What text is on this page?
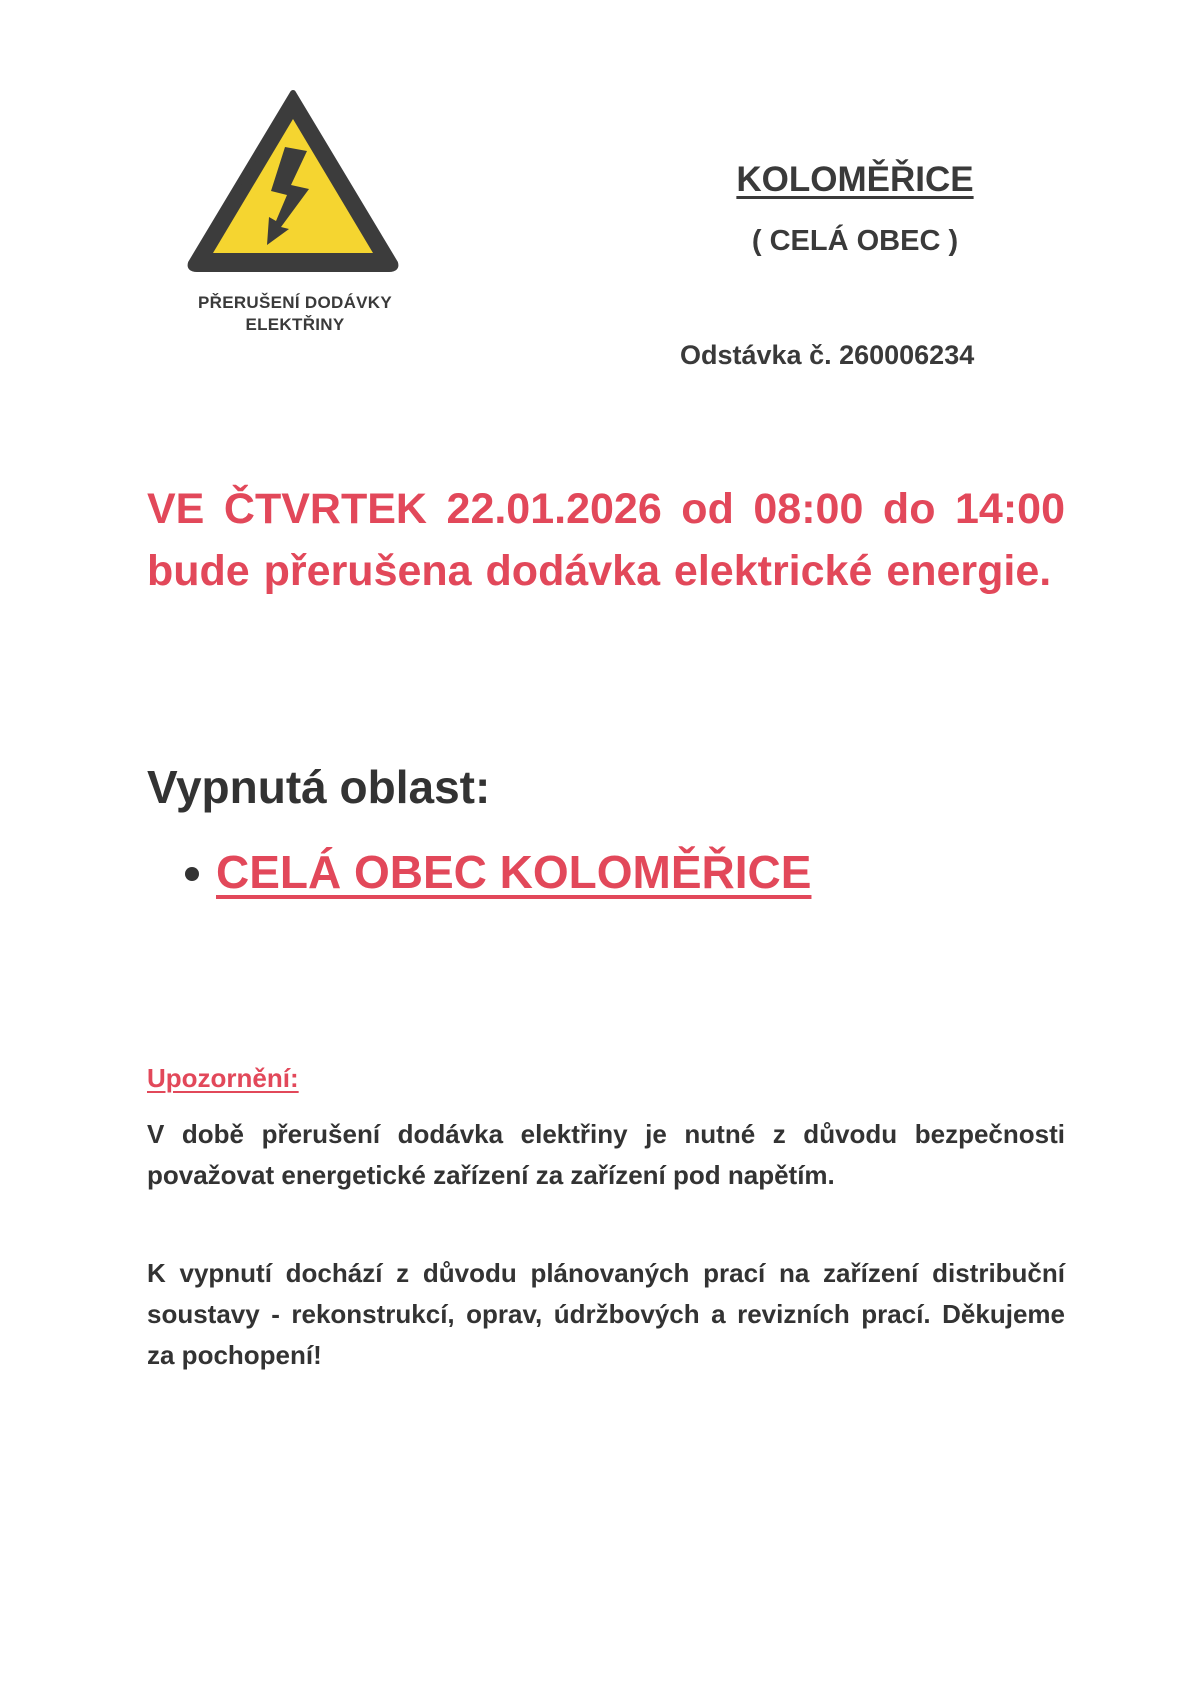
PŘERUŠENÍ DODÁVKY
ELEKTŘINY
KOLOMĚŘICE
( CELÁ OBEC )
Odstávka č. 260006234
VE ČTVRTEK 22.01.2026 od 08:00 do 14:00 bude přerušena dodávka elektrické energie.
Vypnutá oblast:
CELÁ OBEC KOLOMĚŘICE
Upozornění:
V době přerušení dodávka elektřiny je nutné z důvodu bezpečnosti považovat energetické zařízení za zařízení pod napětím.
K vypnutí dochází z důvodu plánovaných prací na zařízení distribuční soustavy - rekonstrukcí, oprav, údržbových a revizních prací. Děkujeme za pochopení!
